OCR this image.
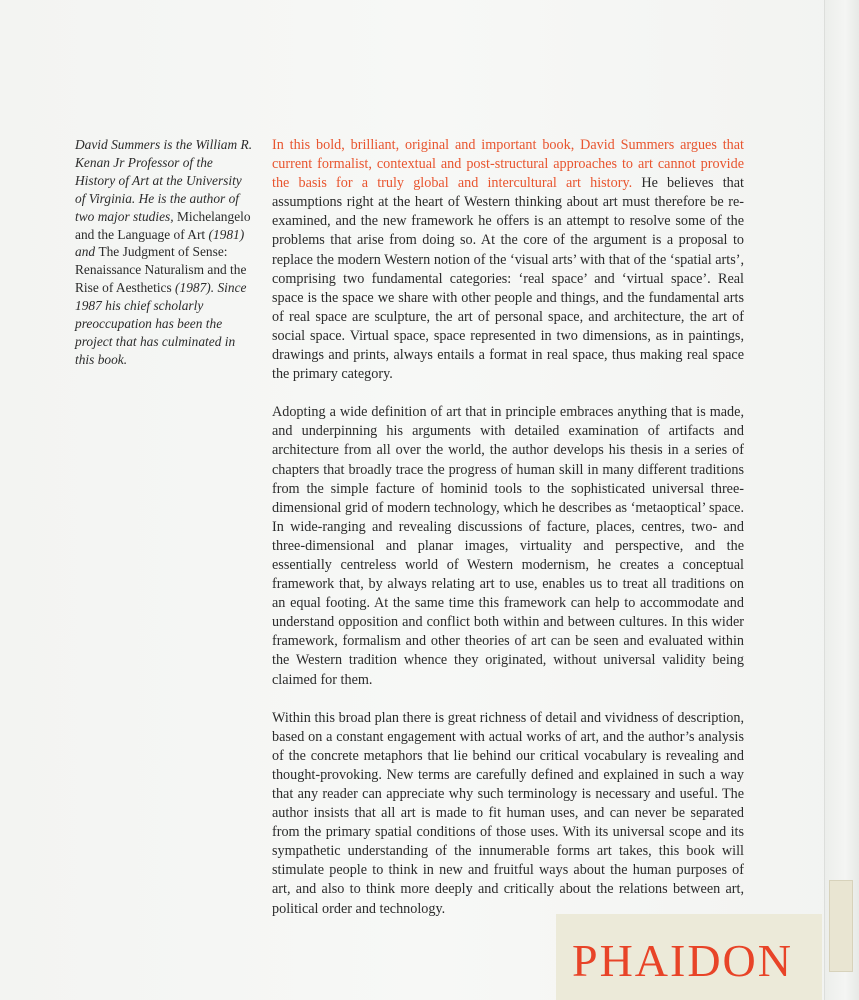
David Summers is the William R. Kenan Jr Professor of the History of Art at the University of Virginia. He is the author of two major studies, Michelangelo and the Language of Art (1981) and The Judgment of Sense: Renaissance Naturalism and the Rise of Aesthetics (1987). Since 1987 his chief scholarly preoccupation has been the project that has culminated in this book.

In this bold, brilliant, original and important book, David Summers argues that current formalist, contextual and post-structural approaches to art cannot provide the basis for a truly global and intercultural art history. He believes that assumptions right at the heart of Western thinking about art must therefore be re-examined, and the new framework he offers is an attempt to resolve some of the problems that arise from doing so. At the core of the argument is a proposal to replace the modern Western notion of the ‘visual arts’ with that of the ‘spatial arts’, comprising two fundamental categories: ‘real space’ and ‘virtual space’. Real space is the space we share with other people and things, and the fundamental arts of real space are sculpture, the art of personal space, and architecture, the art of social space. Virtual space, space represented in two dimensions, as in paintings, drawings and prints, always entails a format in real space, thus making real space the primary category.

Adopting a wide definition of art that in principle embraces anything that is made, and underpinning his arguments with detailed examination of artifacts and architecture from all over the world, the author develops his thesis in a series of chapters that broadly trace the progress of human skill in many different traditions from the simple facture of hominid tools to the sophisticated universal three-dimensional grid of modern technology, which he describes as ‘metaoptical’ space. In wide-ranging and revealing discussions of facture, places, centres, two- and three-dimensional and planar images, virtuality and perspective, and the essentially centreless world of Western modernism, he creates a conceptual framework that, by always relating art to use, enables us to treat all traditions on an equal footing. At the same time this framework can help to accommodate and understand opposition and conflict both within and between cultures. In this wider framework, formalism and other theories of art can be seen and evaluated within the Western tradition whence they originated, without universal validity being claimed for them.

Within this broad plan there is great richness of detail and vividness of description, based on a constant engagement with actual works of art, and the author’s analysis of the concrete metaphors that lie behind our critical vocabulary is revealing and thought-provoking. New terms are carefully defined and explained in such a way that any reader can appreciate why such terminology is necessary and useful. The author insists that all art is made to fit human uses, and can never be separated from the primary spatial conditions of those uses. With its universal scope and its sympathetic understanding of the innumerable forms art takes, this book will stimulate people to think in new and fruitful ways about the human purposes of art, and also to think more deeply and critically about the relations between art, political order and technology.

PHAIDON
